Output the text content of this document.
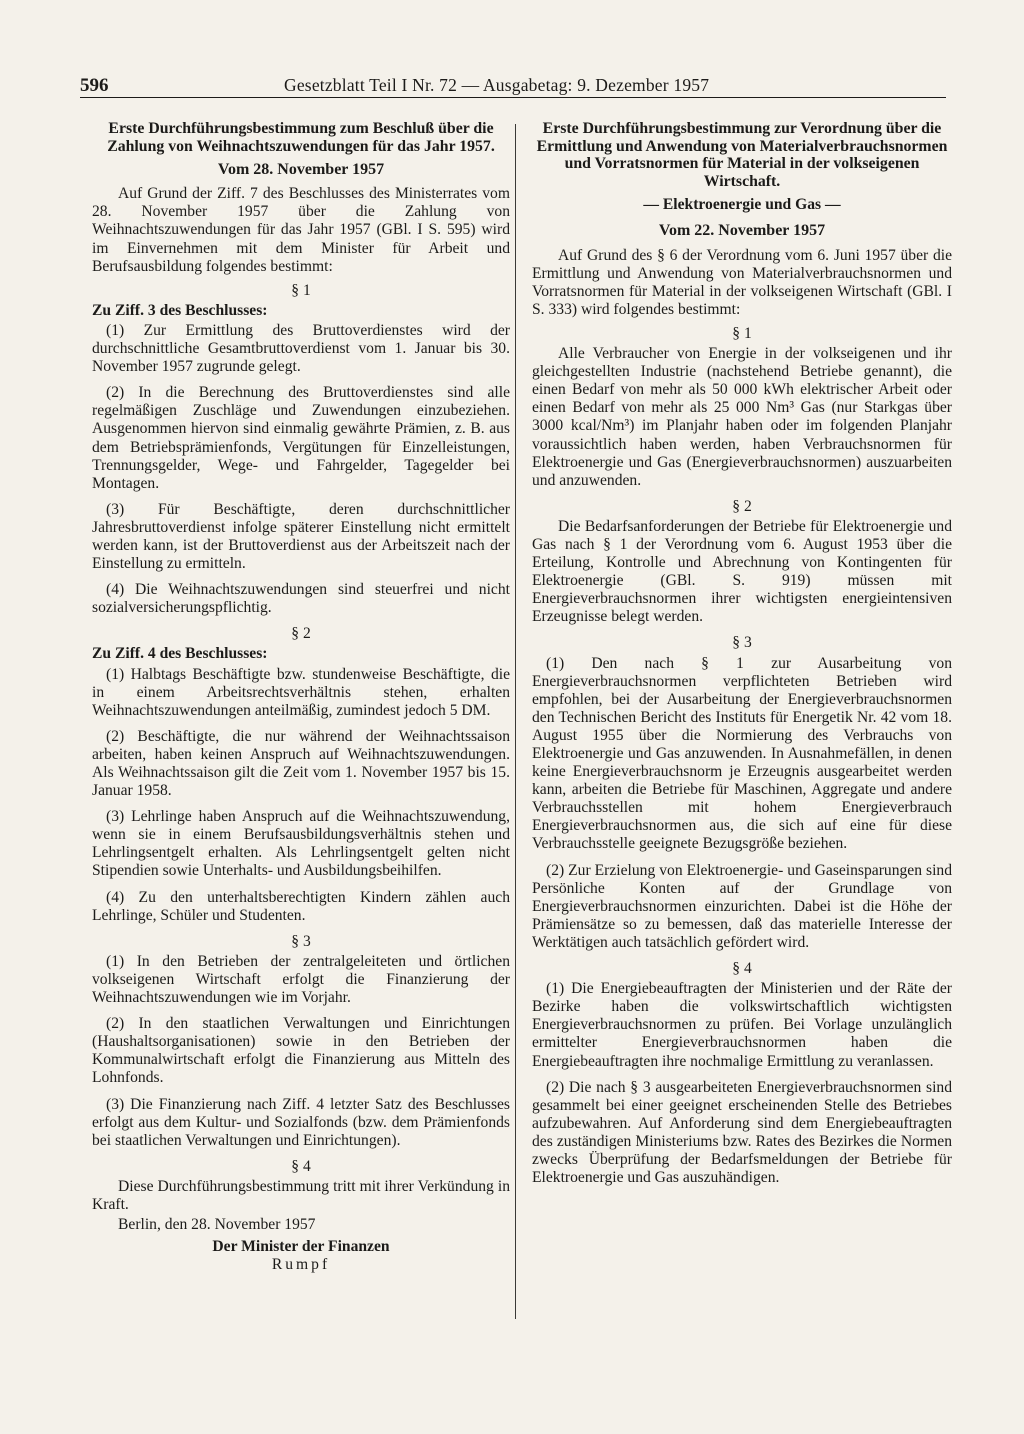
596	Gesetzblatt Teil I Nr. 72 — Ausgabetag: 9. Dezember 1957

Erste Durchführungsbestimmung zum Beschluß über die Zahlung von Weihnachtszuwendungen für das Jahr 1957.

Vom 28. November 1957

Auf Grund der Ziff. 7 des Beschlusses des Ministerrates vom 28. November 1957 über die Zahlung von Weihnachtszuwendungen für das Jahr 1957 (GBl. I S. 595) wird im Einvernehmen mit dem Minister für Arbeit und Berufsausbildung folgendes bestimmt:

§ 1

Zu Ziff. 3 des Beschlusses:

(1) Zur Ermittlung des Bruttoverdienstes wird der durchschnittliche Gesamtbruttoverdienst vom 1. Januar bis 30. November 1957 zugrunde gelegt.

(2) In die Berechnung des Bruttoverdienstes sind alle regelmäßigen Zuschläge und Zuwendungen einzubeziehen. Ausgenommen hiervon sind einmalig gewährte Prämien, z. B. aus dem Betriebsprämienfonds, Vergütungen für Einzelleistungen, Trennungsgelder, Wege- und Fahrgelder, Tagegelder bei Montagen.

(3) Für Beschäftigte, deren durchschnittlicher Jahresbruttoverdienst infolge späterer Einstellung nicht ermittelt werden kann, ist der Bruttoverdienst aus der Arbeitszeit nach der Einstellung zu ermitteln.

(4) Die Weihnachtszuwendungen sind steuerfrei und nicht sozialversicherungspflichtig.

§ 2

Zu Ziff. 4 des Beschlusses:

(1) Halbtags Beschäftigte bzw. stundenweise Beschäftigte, die in einem Arbeitsrechtsverhältnis stehen, erhalten Weihnachtszuwendungen anteilmäßig, zumindest jedoch 5 DM.

(2) Beschäftigte, die nur während der Weihnachtssaison arbeiten, haben keinen Anspruch auf Weihnachtszuwendungen. Als Weihnachtssaison gilt die Zeit vom 1. November 1957 bis 15. Januar 1958.

(3) Lehrlinge haben Anspruch auf die Weihnachtszuwendung, wenn sie in einem Berufsausbildungsverhältnis stehen und Lehrlingsentgelt erhalten. Als Lehrlingsentgelt gelten nicht Stipendien sowie Unterhalts- und Ausbildungsbeihilfen.

(4) Zu den unterhaltsberechtigten Kindern zählen auch Lehrlinge, Schüler und Studenten.

§ 3

(1) In den Betrieben der zentralgeleiteten und örtlichen volkseigenen Wirtschaft erfolgt die Finanzierung der Weihnachtszuwendungen wie im Vorjahr.

(2) In den staatlichen Verwaltungen und Einrichtungen (Haushaltsorganisationen) sowie in den Betrieben der Kommunalwirtschaft erfolgt die Finanzierung aus Mitteln des Lohnfonds.

(3) Die Finanzierung nach Ziff. 4 letzter Satz des Beschlusses erfolgt aus dem Kultur- und Sozialfonds (bzw. dem Prämienfonds bei staatlichen Verwaltungen und Einrichtungen).

§ 4

Diese Durchführungsbestimmung tritt mit ihrer Verkündung in Kraft.

Berlin, den 28. November 1957

Der Minister der Finanzen

Rumpf

Erste Durchführungsbestimmung zur Verordnung über die Ermittlung und Anwendung von Materialverbrauchsnormen und Vorratsnormen für Material in der volkseigenen Wirtschaft.

— Elektroenergie und Gas —

Vom 22. November 1957

Auf Grund des § 6 der Verordnung vom 6. Juni 1957 über die Ermittlung und Anwendung von Materialverbrauchsnormen und Vorratsnormen für Material in der volkseigenen Wirtschaft (GBl. I S. 333) wird folgendes bestimmt:

§ 1

Alle Verbraucher von Energie in der volkseigenen und ihr gleichgestellten Industrie (nachstehend Betriebe genannt), die einen Bedarf von mehr als 50 000 kWh elektrischer Arbeit oder einen Bedarf von mehr als 25 000 Nm³ Gas (nur Starkgas über 3000 kcal/Nm³) im Planjahr haben oder im folgenden Planjahr voraussichtlich haben werden, haben Verbrauchsnormen für Elektroenergie und Gas (Energieverbrauchsnormen) auszuarbeiten und anzuwenden.

§ 2

Die Bedarfsanforderungen der Betriebe für Elektroenergie und Gas nach § 1 der Verordnung vom 6. August 1953 über die Erteilung, Kontrolle und Abrechnung von Kontingenten für Elektroenergie (GBl. S. 919) müssen mit Energieverbrauchsnormen ihrer wichtigsten energieintensiven Erzeugnisse belegt werden.

§ 3

(1) Den nach § 1 zur Ausarbeitung von Energieverbrauchsnormen verpflichteten Betrieben wird empfohlen, bei der Ausarbeitung der Energieverbrauchsnormen den Technischen Bericht des Instituts für Energetik Nr. 42 vom 18. August 1955 über die Normierung des Verbrauchs von Elektroenergie und Gas anzuwenden. In Ausnahmefällen, in denen keine Energieverbrauchsnorm je Erzeugnis ausgearbeitet werden kann, arbeiten die Betriebe für Maschinen, Aggregate und andere Verbrauchsstellen mit hohem Energieverbrauch Energieverbrauchsnormen aus, die sich auf eine für diese Verbrauchsstelle geeignete Bezugsgröße beziehen.

(2) Zur Erzielung von Elektroenergie- und Gaseinsparungen sind Persönliche Konten auf der Grundlage von Energieverbrauchsnormen einzurichten. Dabei ist die Höhe der Prämiensätze so zu bemessen, daß das materielle Interesse der Werktätigen auch tatsächlich gefördert wird.

§ 4

(1) Die Energiebeauftragten der Ministerien und der Räte der Bezirke haben die volkswirtschaftlich wichtigsten Energieverbrauchsnormen zu prüfen. Bei Vorlage unzulänglich ermittelter Energieverbrauchsnormen haben die Energiebeauftragten ihre nochmalige Ermittlung zu veranlassen.

(2) Die nach § 3 ausgearbeiteten Energieverbrauchsnormen sind gesammelt bei einer geeignet erscheinenden Stelle des Betriebes aufzubewahren. Auf Anforderung sind dem Energiebeauftragten des zuständigen Ministeriums bzw. Rates des Bezirkes die Normen zwecks Überprüfung der Bedarfsmeldungen der Betriebe für Elektroenergie und Gas auszuhändigen.
